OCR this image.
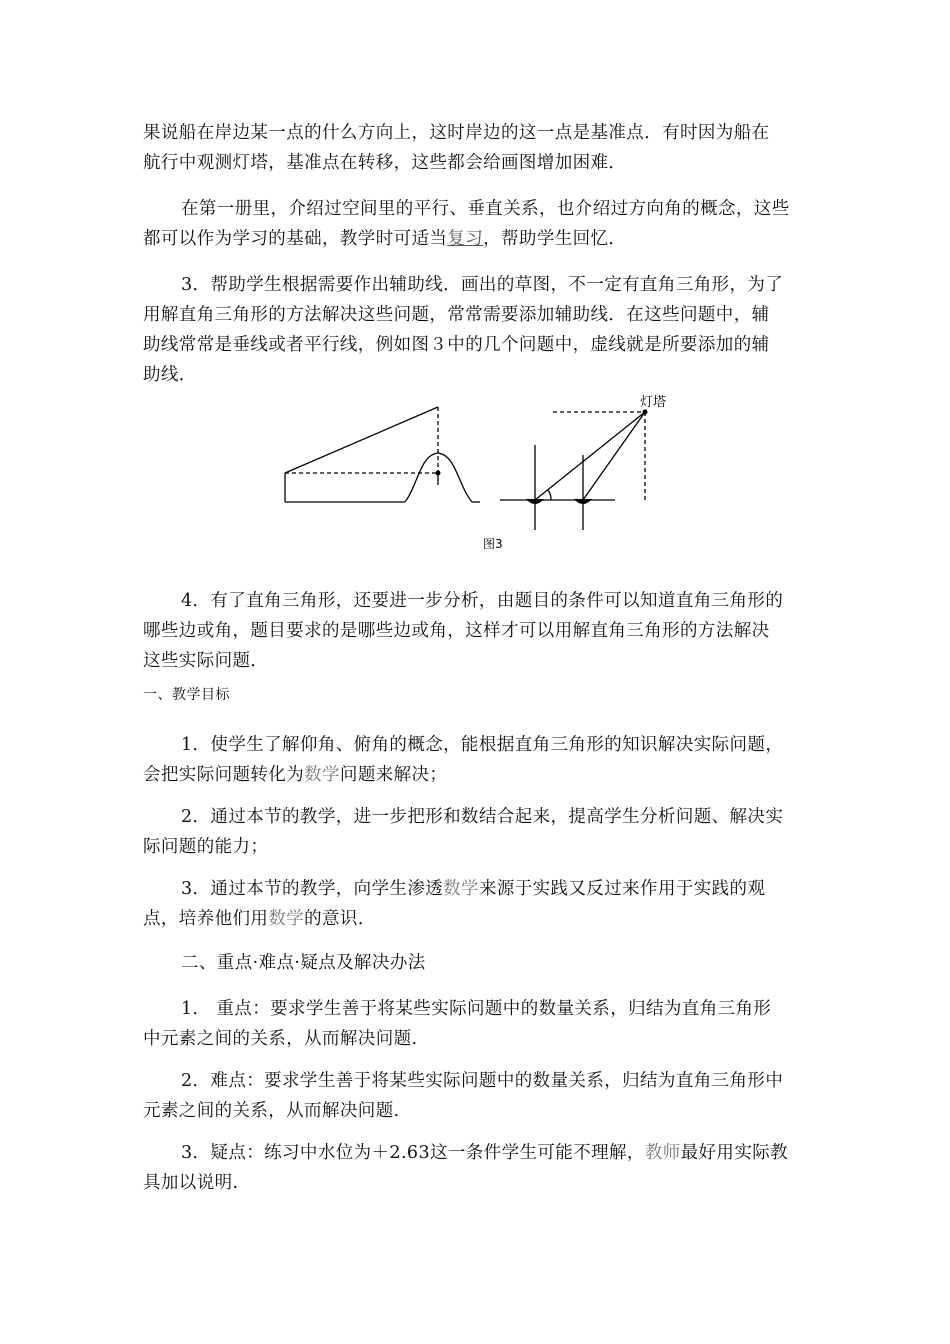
果说船在岸边某一点的什么方向上，这时岸边的这一点是基准点．有时因为船在
航行中观测灯塔，基准点在转移，这些都会给画图增加困难．

在第一册里，介绍过空间里的平行、垂直关系，也介绍过方向角的概念，这些
都可以作为学习的基础，教学时可适当复习，帮助学生回忆．

3．帮助学生根据需要作出辅助线．画出的草图，不一定有直角三角形，为了
用解直角三角形的方法解决这些问题，常常需要添加辅助线．在这些问题中，辅
助线常常是垂线或者平行线，例如图３中的几个问题中，虚线就是所要添加的辅
助线．

灯塔
图3

4．有了直角三角形，还要进一步分析，由题目的条件可以知道直角三角形的
哪些边或角，题目要求的是哪些边或角，这样才可以用解直角三角形的方法解决
这些实际问题．

一、教学目标

1．使学生了解仰角、俯角的概念，能根据直角三角形的知识解决实际问题，
会把实际问题转化为数学问题来解决；

2．通过本节的教学，进一步把形和数结合起来，提高学生分析问题、解决实
际问题的能力；

3．通过本节的教学，向学生渗透数学来源于实践又反过来作用于实践的观
点，培养他们用数学的意识．

二、重点·难点·疑点及解决办法

1． 重点：要求学生善于将某些实际问题中的数量关系，归结为直角三角形
中元素之间的关系，从而解决问题.

2．难点：要求学生善于将某些实际问题中的数量关系，归结为直角三角形中
元素之间的关系，从而解决问题.

3．疑点：练习中水位为＋2.63这一条件学生可能不理解，教师最好用实际教
具加以说明.
